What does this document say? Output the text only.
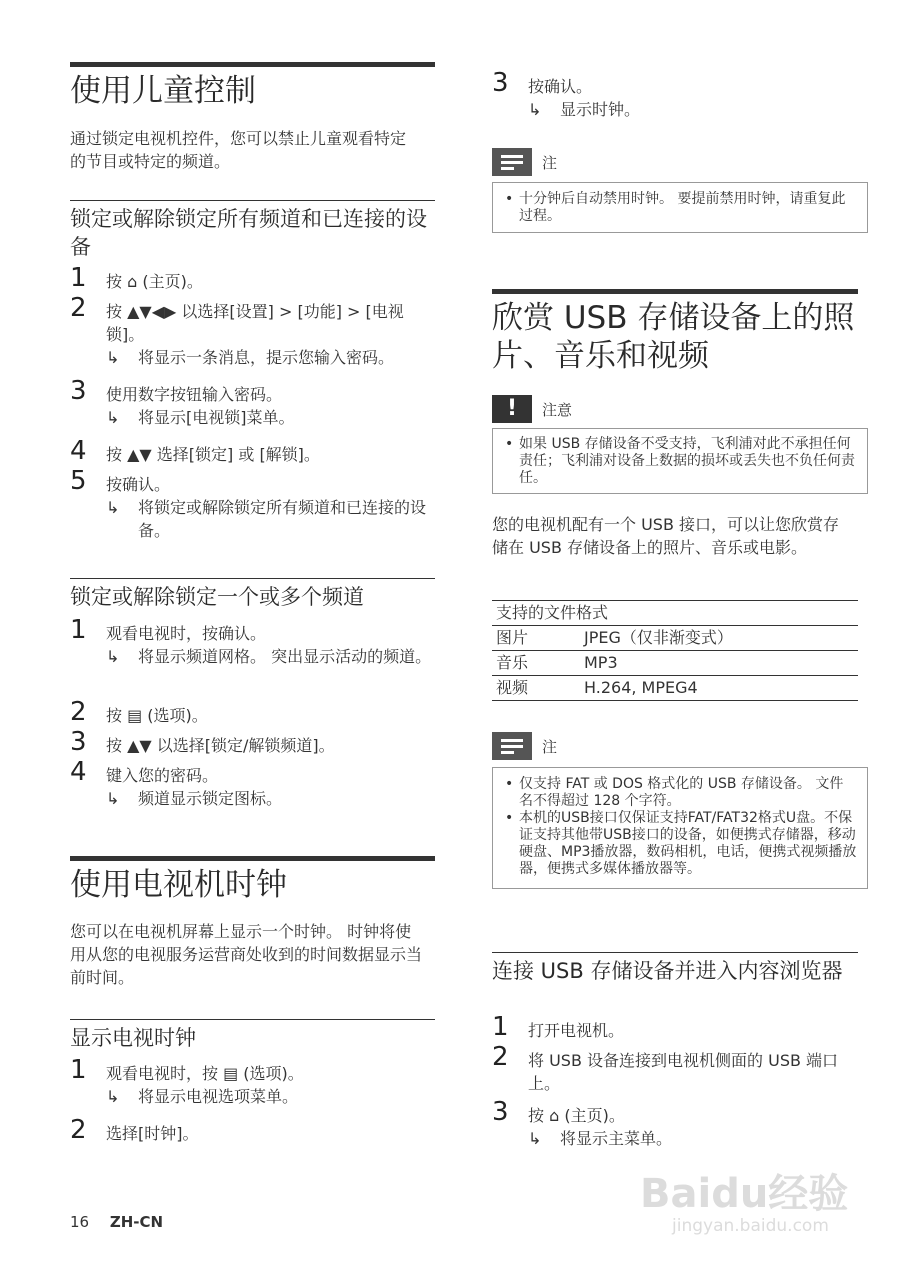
使用儿童控制
通过锁定电视机控件，您可以禁止儿童观看特定的节目或特定的频道。
锁定或解除锁定所有频道和已连接的设备
1 按 ⌂ (主页)。
2 按 ▲▼◀▶ 以选择[设置] > [功能] > [电视锁]。
↳ 将显示一条消息，提示您输入密码。
3 使用数字按钮输入密码。
↳ 将显示[电视锁]菜单。
4 按 ▲▼ 选择[锁定] 或 [解锁]。
5 按确认。
↳ 将锁定或解除锁定所有频道和已连接的设备。
锁定或解除锁定一个或多个频道
1 观看电视时，按确认。
↳ 将显示频道网格。 突出显示活动的频道。
2 按 ▤ (选项)。
3 按 ▲▼ 以选择[锁定/解锁频道]。
4 键入您的密码。
↳ 频道显示锁定图标。
使用电视机时钟
您可以在电视机屏幕上显示一个时钟。 时钟将使用从您的电视服务运营商处收到的时间数据显示当前时间。
显示电视时钟
1 观看电视时，按 ▤ (选项)。
↳ 将显示电视选项菜单。
2 选择[时钟]。
16 ZH-CN
3 按确认。
↳ 显示时钟。
注

• 十分钟后自动禁用时钟。 要提前禁用时钟，请重复此过程。

欣赏 USB 存储设备上的照片、音乐和视频
!	注意

• 如果 USB 存储设备不受支持，飞利浦对此不承担任何责任；飞利浦对设备上数据的损坏或丢失也不负任何责任。

您的电视机配有一个 USB 接口，可以让您欣赏存储在 USB 存储设备上的照片、音乐或电影。
支持的文件格式	
图片	JPEG（仅非渐变式）
音乐	MP3
视频	H.264, MPEG4
注

• 仅支持 FAT 或 DOS 格式化的 USB 存储设备。 文件名不得超过 128 个字符。

• 本机的USB接口仅保证支持FAT/FAT32格式U盘。不保证支持其他带USB接口的设备，如便携式存储器，移动硬盘、MP3播放器，数码相机，电话，便携式视频播放器，便携式多媒体播放器等。

连接 USB 存储设备并进入内容浏览器
1 打开电视机。
2 将 USB 设备连接到电视机侧面的 USB 端口上。
3 按 ⌂ (主页)。
↳ 将显示主菜单。
Baidu经验
jingyan.baidu.com
